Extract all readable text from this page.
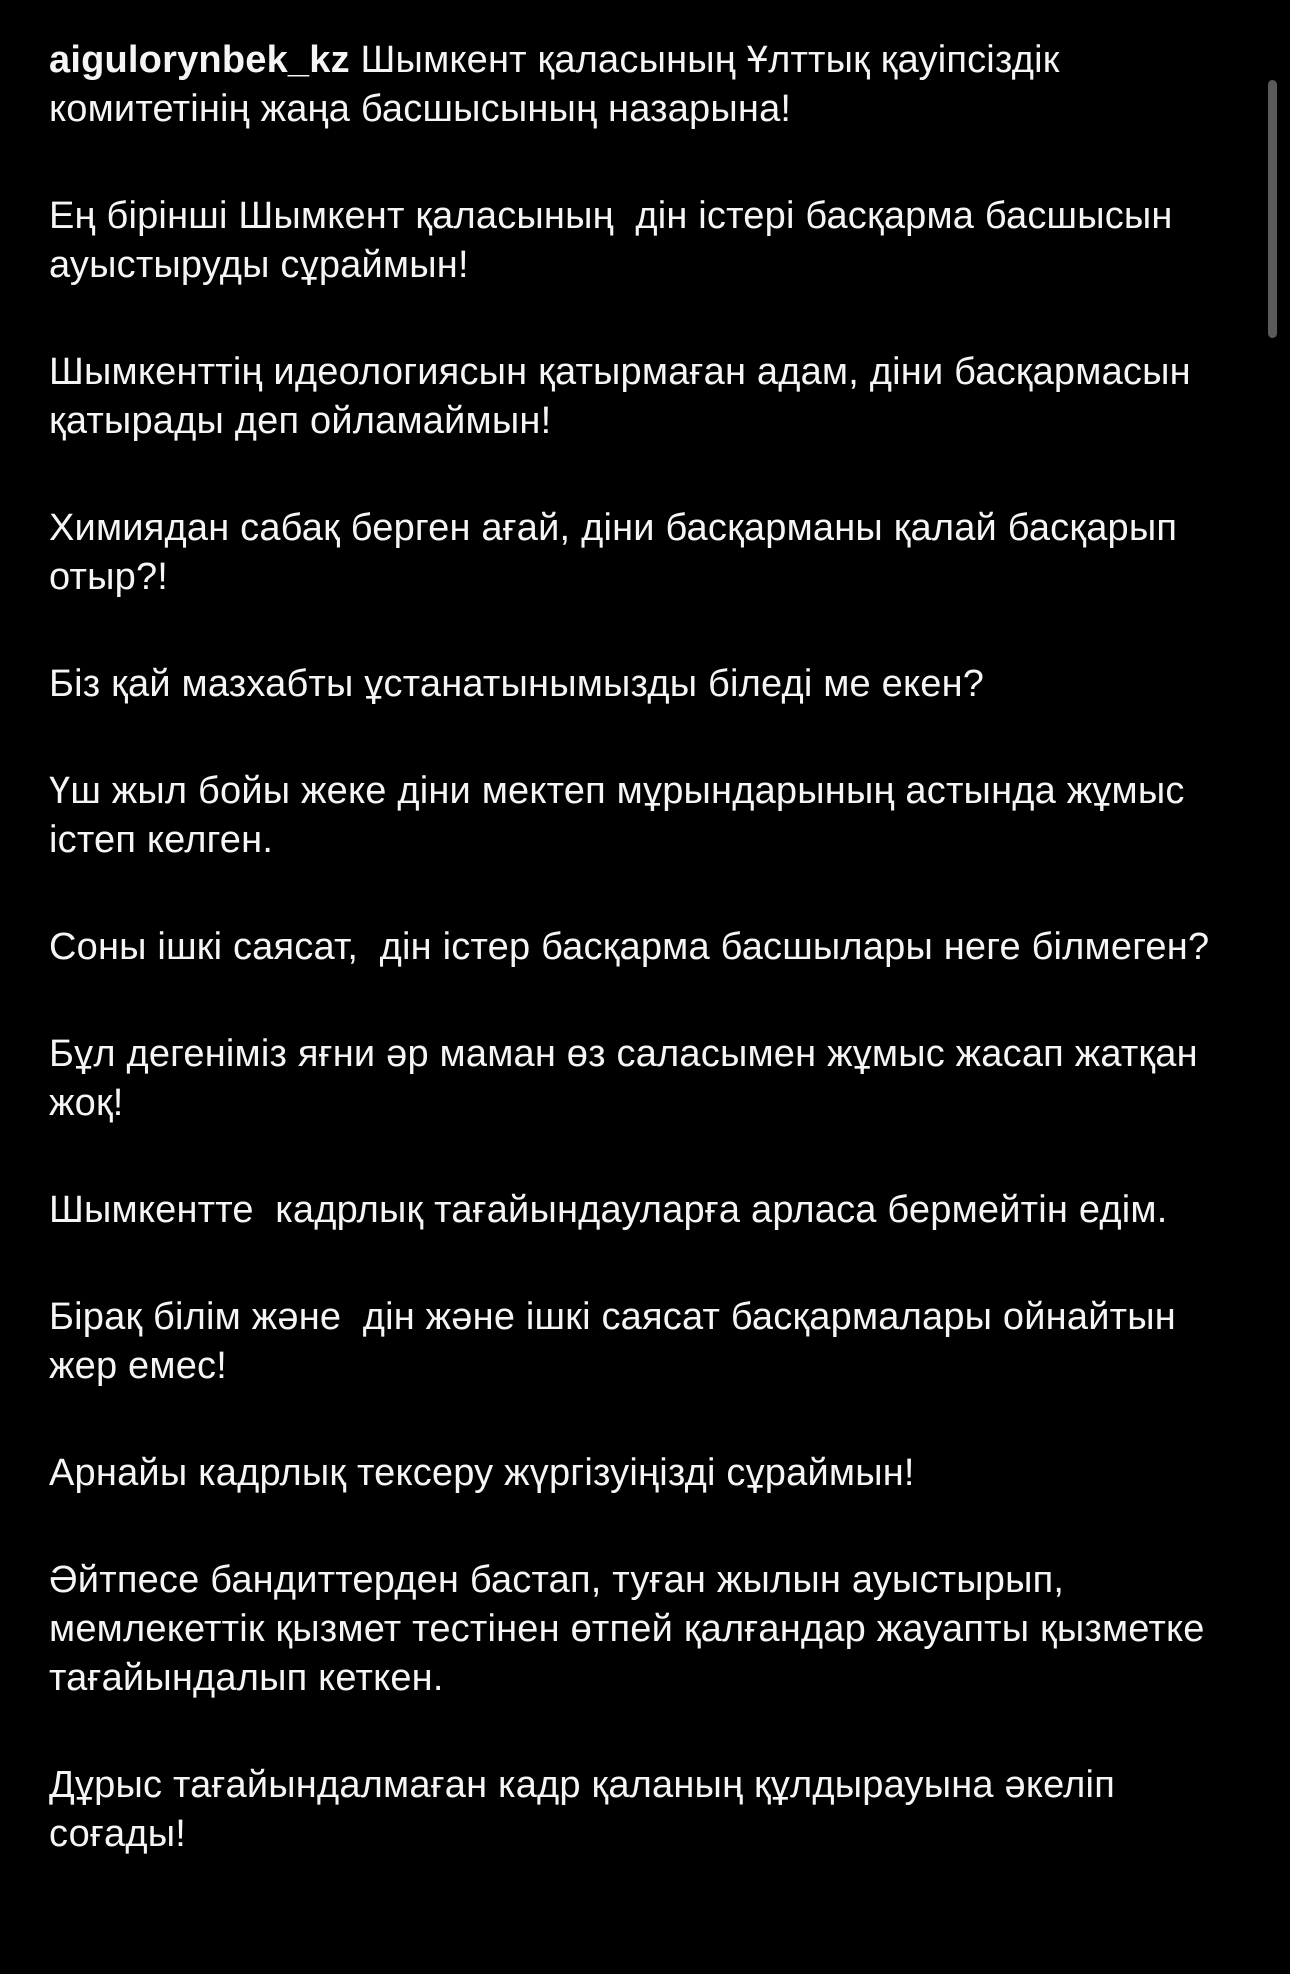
aigulorynbek_kz Шымкент қаласының Ұлттық қауіпсіздік комитетінің жаңа басшысының назарына!

Ең бірінші Шымкент қаласының  дін істері басқарма басшысын ауыстыруды сұраймын!

Шымкенттің идеологиясын қатырмаған адам, діни басқармасын қатырады деп ойламаймын!

Химиядан сабақ берген ағай, діни басқарманы қалай басқарып отыр?!

Біз қай мазхабты ұстанатынымызды біледі ме екен?

Үш жыл бойы жеке діни мектеп мұрындарының астында жұмыс істеп келген.

Соны ішкі саясат,  дін істер басқарма басшылары неге білмеген?

Бұл дегеніміз яғни әр маман өз саласымен жұмыс жасап жатқан жоқ!

Шымкентте  кадрлық тағайындауларға арласа бермейтін едім.

Бірақ білім және  дін және ішкі саясат басқармалары ойнайтын жер емес!

Арнайы кадрлық тексеру жүргізуіңізді сұраймын!

Әйтпесе бандиттерден бастап, туған жылын ауыстырып, мемлекеттік қызмет тестінен өтпей қалғандар жауапты қызметке тағайындалып кеткен.

Дұрыс тағайындалмаған кадр қаланың құлдырауына әкеліп соғады!
